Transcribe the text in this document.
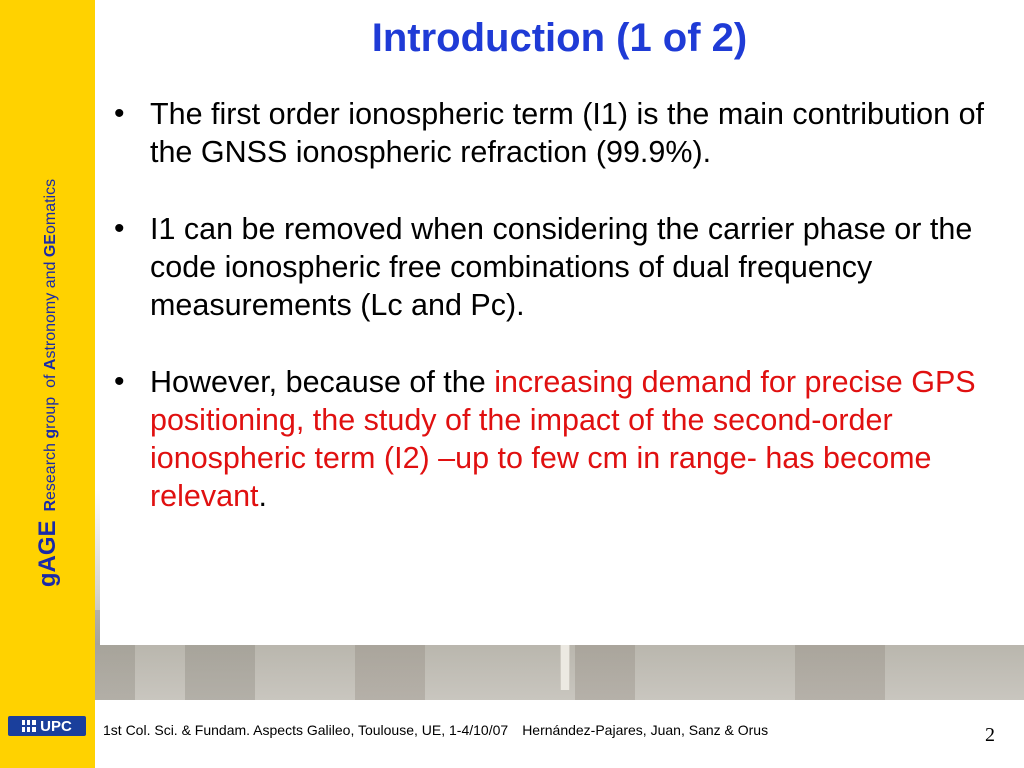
gAGE  Research group  of Astronomy and GEomatics
UPC
Introduction (1 of 2)
• The first order ionospheric term (I1) is the main contribution of the GNSS ionospheric refraction (99.9%).
• I1 can be removed when considering the carrier phase or the code ionospheric free combinations of dual frequency measurements (Lc and Pc).
• However, because of the increasing demand for precise GPS positioning, the study of the impact of the second-order ionospheric term (I2) –up to few cm in range- has become relevant.
1st Col. Sci. & Fundam. Aspects Galileo, Toulouse, UE, 1-4/10/07 Hernández-Pajares, Juan, Sanz & Orus	2
